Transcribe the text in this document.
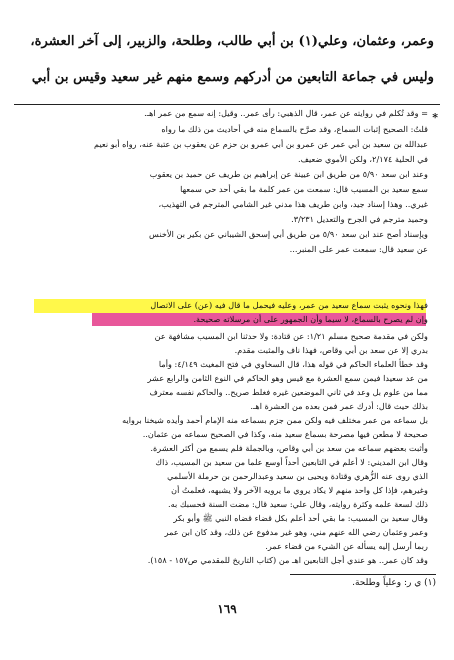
وعمر، وعثمان، وعلي(١) بن أبي طالب، وطلحة، والزبير، إلى آخر العشرة،
وليس في جماعة التابعين من أدركهم وسمع منهم غير سعيد وقيس بن أبي
*
= وقد تُكلم في روايته عن عمر، قال الذهبي: رأى عمر.. وقيل: إنه سمع من عمر اهـ.
قلتُ: الصحيح إثبات السماع، وقد صرَّح بالسماع منه في أحاديث من ذلك ما رواه
عبدالله بن سعيد بن أبي عمر عن عمرو بن أبي عمرو بن حزم عن يعقوب بن عتبة عنه، رواه أبو نعيم
في الحلية ٢/١٧٤، ولكن الأموي ضعيف.
وعند ابن سعد ٥/٩٠ من طريق ابن عيينة عن إبراهيم بن طريف عن حميد بن يعقوب
سمع سعيد بن المسيب قال: سمعت من عمر كلمة ما بقي أحد حي سمعها
غيري.. وهذا إسناد جيد، وابن طريف هذا مدني غير الشامي المترجم في التهذيب،
وحميد مترجم في الجرح والتعديل ٣/٢٣١.
ويإسناد أصح عند ابن سعد ٥/٩٠ من طريق أبي إسحق الشيباني عن بكير بن الأخنس
عن سعيد قال: سمعت عمر على المنبر...
فهذا ونحوه يثبت سماع سعيد من عمر، وعليه فيحمل ما قال فيه (عن) على الاتصال
وإن لم يصرح بالسماع، لا سيما وأن الجمهور على أن مرسلاته صحيحة.
ولكن في مقدمة صحيح مسلم ١/٢١: عن قتادة: ولا حدثنا ابن المسيب مشافهة عن
بدري إلا عن سعد بن أبي وقاص، فهذا ناف والمثبت مقدم.
وقد خطأ العلماء الحاكم في قوله هذا، قال السخاوي في فتح المغيث ٤/١٤٩: وأما
من عد سعيدا فيمن سمع العشرة مع قيس وهو الحاكم في النوع الثامن والرابع عشر
مما من علوم بل وعد في ثاني الموضعين غيره فغلط صريح.. والحاكم نفسه معترف
بذلك حيث قال: أدرك عمر فمن بعده من العشرة اهـ.
بل سماعه من عمر مختلف فيه ولكن ممن جزم بسماعه منه الإمام أحمد وأيده شيخنا بروايه
صحيحة لا مطعن فيها مصرحة بسماع سعيد منه، وكذا في الصحيح سماعه من عثمان..
وأثبت بعضهم سماعه من سعد بن أبي وقاص، وبالجملة فلم يسمع من أكثر العشرة.
وقال ابن المديني: لا أعلم في التابعين أحداً أوسع علما من سعيد بن المسيب، ذاك
الذي روى عنه الزُّهري وقتادة ويحيى بن سعيد وعبدالرحمن بن حرملة الأسلمي
وغيرهم، فإذا كل واحد منهم لا يكاد يروي ما يرويه الآخر ولا يشبهه، فعلمتُ أن
ذلك لسعة علمه وكثرة روايته، وقال علي: سعيد قال: مضت السنة فحسبك به.
وقال سعيد بن المسيب: ما بقي أحد أعلم بكل قضاء قضاه النبي ﷺ وأبو بكر
وعمر وعثمان رضي الله عنهم مني، وهو غير مدفوع عن ذلك، وقد كان ابن عمر
ربما أرسل إليه يسأله عن الشيء من قضاء عمر.
وقد كان عمر.. هو عندي أجل التابعين اهـ من (كتاب التاريخ للمقدمي ص١٥٧ - ١٥٨).
(١) ي ر: وعلياً وطلحة.
١٦٩
